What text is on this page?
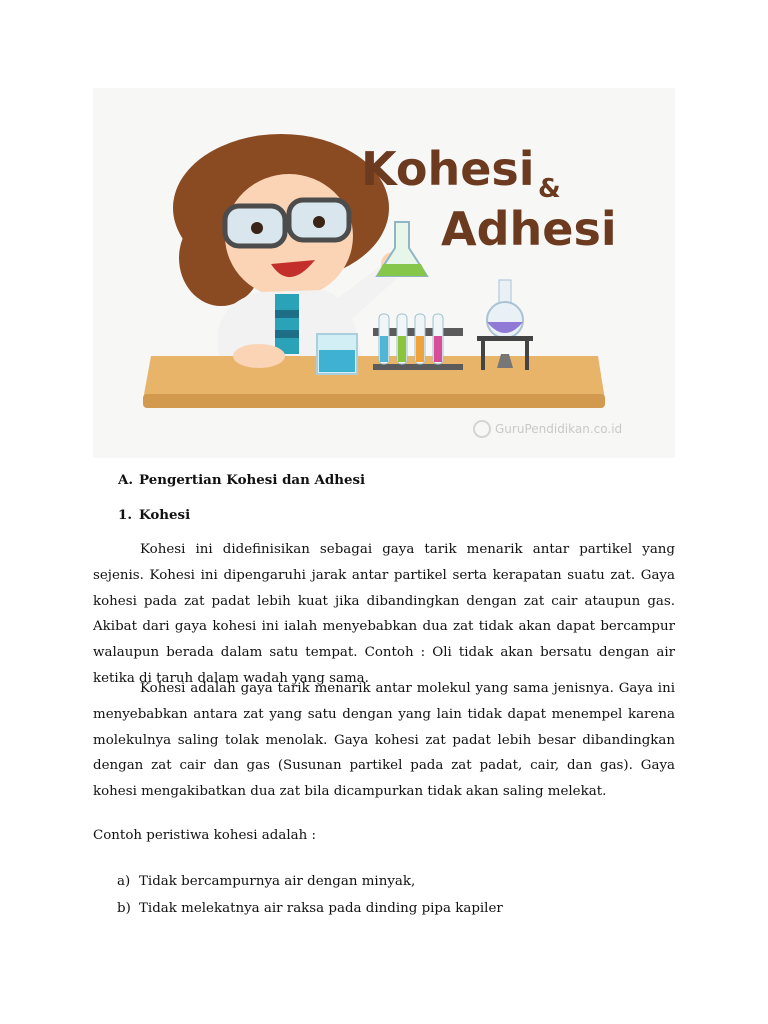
Kohesi &
Adhesi
GuruPendidikan.co.id
A. Pengertian Kohesi dan Adhesi
1. Kohesi

Kohesi ini didefinisikan sebagai gaya tarik menarik antar partikel yang sejenis. Kohesi ini dipengaruhi jarak antar partikel serta kerapatan suatu zat. Gaya kohesi pada zat padat lebih kuat jika dibandingkan dengan zat cair ataupun gas. Akibat dari gaya kohesi ini ialah menyebabkan dua zat tidak akan dapat bercampur walaupun berada dalam satu tempat. Contoh : Oli tidak akan bersatu dengan air ketika di taruh dalam wadah yang sama.

Kohesi adalah gaya tarik menarik antar molekul yang sama jenisnya. Gaya ini menyebabkan antara zat yang satu dengan yang lain tidak dapat menempel karena molekulnya saling tolak menolak. Gaya kohesi zat padat lebih besar dibandingkan dengan zat cair dan gas (Susunan partikel pada zat padat, cair, dan gas). Gaya kohesi mengakibatkan dua zat bila dicampurkan tidak akan saling melekat.

Contoh peristiwa kohesi adalah :
a) Tidak bercampurnya air dengan minyak,
b) Tidak melekatnya air raksa pada dinding pipa kapiler
